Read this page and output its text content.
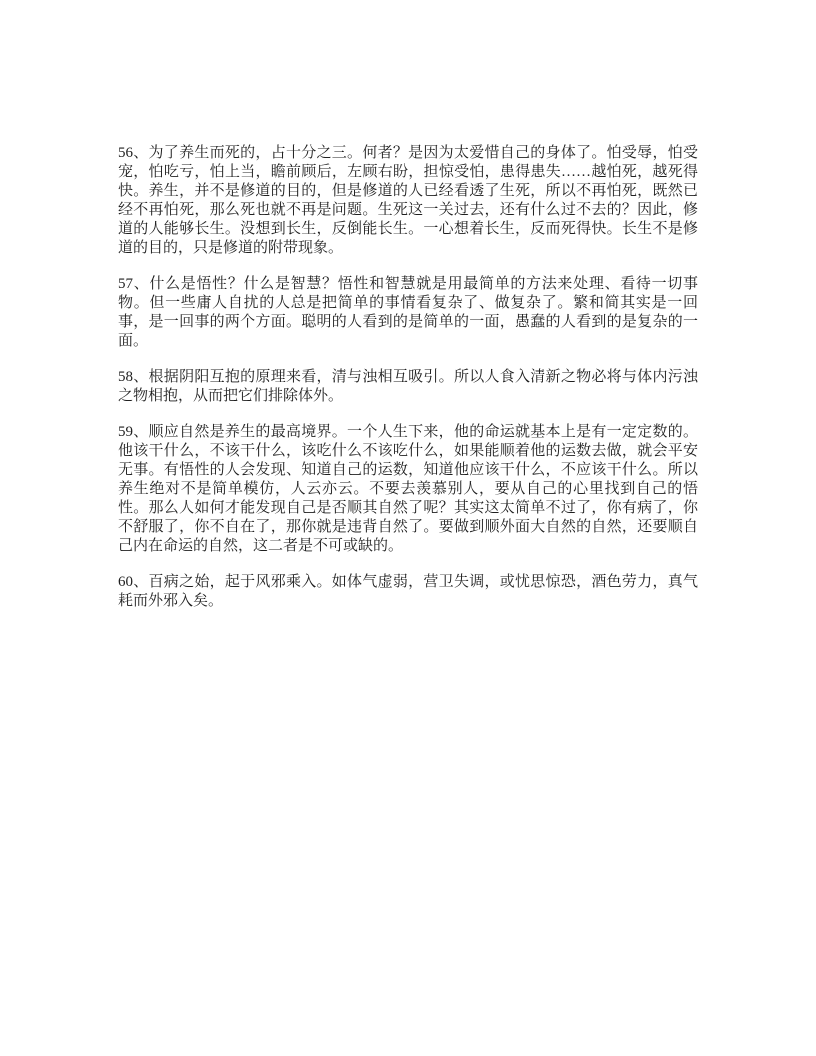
56、为了养生而死的，占十分之三。何者？是因为太爱惜自己的身体了。怕受辱，怕受宠，怕吃亏，怕上当，瞻前顾后，左顾右盼，担惊受怕，患得患失……越怕死，越死得快。养生，并不是修道的目的，但是修道的人已经看透了生死，所以不再怕死，既然已经不再怕死，那么死也就不再是问题。生死这一关过去，还有什么过不去的？因此，修道的人能够长生。没想到长生，反倒能长生。一心想着长生，反而死得快。长生不是修道的目的，只是修道的附带现象。

57、什么是悟性？什么是智慧？悟性和智慧就是用最简单的方法来处理、看待一切事物。但一些庸人自扰的人总是把简单的事情看复杂了、做复杂了。繁和简其实是一回事，是一回事的两个方面。聪明的人看到的是简单的一面，愚蠢的人看到的是复杂的一面。

58、根据阴阳互抱的原理来看，清与浊相互吸引。所以人食入清新之物必将与体内污浊之物相抱，从而把它们排除体外。

59、顺应自然是养生的最高境界。一个人生下来，他的命运就基本上是有一定定数的。他该干什么，不该干什么，该吃什么不该吃什么，如果能顺着他的运数去做，就会平安无事。有悟性的人会发现、知道自己的运数，知道他应该干什么，不应该干什么。所以养生绝对不是简单模仿，人云亦云。不要去羡慕别人，要从自己的心里找到自己的悟性。那么人如何才能发现自己是否顺其自然了呢？其实这太简单不过了，你有病了，你不舒服了，你不自在了，那你就是违背自然了。要做到顺外面大自然的自然，还要顺自己内在命运的自然，这二者是不可或缺的。

60、百病之始，起于风邪乘入。如体气虚弱，营卫失调，或忧思惊恐，酒色劳力，真气耗而外邪入矣。
